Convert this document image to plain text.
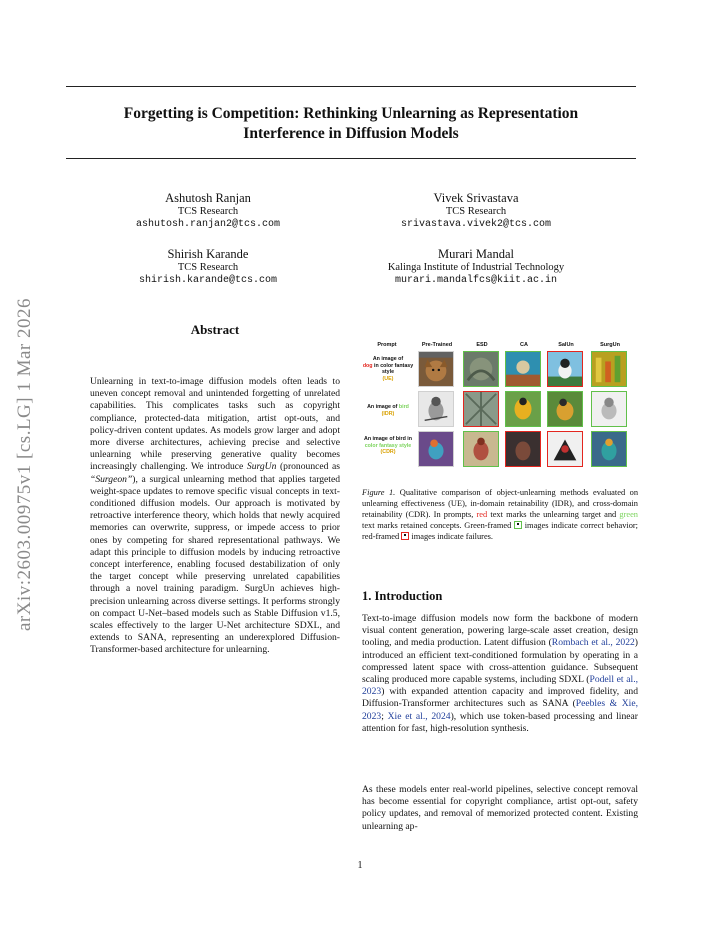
arXiv:2603.00975v1 [cs.LG] 1 Mar 2026
Forgetting is Competition: Rethinking Unlearning as Representation
Interference in Diffusion Models
Ashutosh Ranjan
TCS Research
ashutosh.ranjan2@tcs.com
Vivek Srivastava
TCS Research
srivastava.vivek2@tcs.com
Shirish Karande
TCS Research
shirish.karande@tcs.com
Murari Mandal
Kalinga Institute of Industrial Technology
murari.mandalfcs@kiit.ac.in
Abstract
Unlearning in text-to-image diffusion models often leads to uneven concept removal and unintended forgetting of unrelated capabilities. This complicates tasks such as copyright compliance, protected-data mitigation, artist opt-outs, and policy-driven content updates. As models grow larger and adopt more diverse architectures, achieving precise and selective unlearning while preserving generative quality becomes increasingly challenging. We introduce SurgUn (pronounced as “Surgeon”), a surgical unlearning method that applies targeted weight-space updates to remove specific visual concepts in text-conditioned diffusion models. Our approach is motivated by retroactive interference theory, which holds that newly acquired memories can overwrite, suppress, or impede access to prior ones by competing for shared representational pathways. We adapt this principle to diffusion models by inducing retroactive concept interference, enabling focused destabilization of only the target concept while preserving unrelated capabilities through a novel training paradigm. SurgUn achieves high-precision unlearning across diverse settings. It performs strongly on compact U-Net–based models such as Stable Diffusion v1.5, scales effectively to the larger U-Net architecture SDXL, and extends to SANA, representing an underexplored Diffusion-Transformer-based architecture for unlearning.
Prompt	Pre-Trained	ESD	CA	SalUn	SurgUn
An image of
dog in color fantasy style
(UE)
An image of bird
(IDR)
An image of bird in
color fantasy style
(CDR)
Figure 1. Qualitative comparison of object-unlearning methods evaluated on unlearning effectiveness (UE), in-domain retainability (IDR), and cross-domain retainability (CDR). In prompts, red text marks the unlearning target and green text marks retained concepts. Green-framed images indicate correct behavior; red-framed images indicate failures.
1. Introduction
Text-to-image diffusion models now form the backbone of modern visual content generation, powering large-scale asset creation, design tooling, and media production. Latent diffusion (Rombach et al., 2022) introduced an efficient text-conditioned formulation by operating in a compressed latent space with cross-attention guidance. Subsequent scaling produced more capable systems, including SDXL (Podell et al., 2023) with expanded attention capacity and improved fidelity, and Diffusion-Transformer architectures such as SANA (Peebles & Xie, 2023; Xie et al., 2024), which use token-based processing and linear attention for fast, high-resolution synthesis.
As these models enter real-world pipelines, selective concept removal has become essential for copyright compliance, artist opt-out, safety policy updates, and removal of memorized protected content. Existing unlearning ap-
1
